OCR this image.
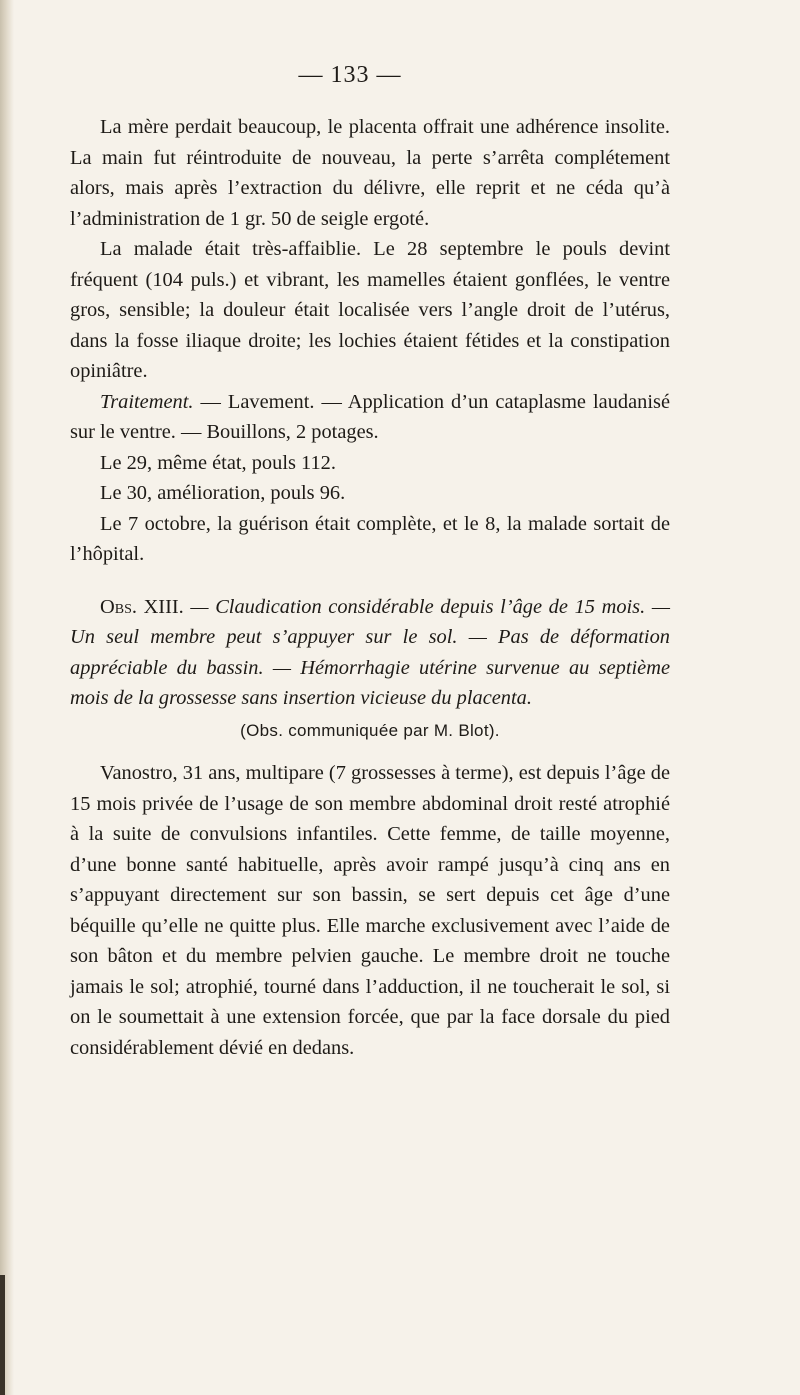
— 133 —

La mère perdait beaucoup, le placenta offrait une adhérence insolite. La main fut réintroduite de nouveau, la perte s’arrêta complétement alors, mais après l’extraction du délivre, elle reprit et ne céda qu’à l’administration de 1 gr. 50 de seigle ergoté.

La malade était très-affaiblie. Le 28 septembre le pouls devint fréquent (104 puls.) et vibrant, les mamelles étaient gonflées, le ventre gros, sensible; la douleur était localisée vers l’angle droit de l’utérus, dans la fosse iliaque droite; les lochies étaient fétides et la constipation opiniâtre.

Traitement. — Lavement. — Application d’un cataplasme laudanisé sur le ventre. — Bouillons, 2 potages.

Le 29, même état, pouls 112.

Le 30, amélioration, pouls 96.

Le 7 octobre, la guérison était complète, et le 8, la malade sortait de l’hôpital.

Obs. XIII. — Claudication considérable depuis l’âge de 15 mois. — Un seul membre peut s’appuyer sur le sol. — Pas de déformation appréciable du bassin. — Hémorrhagie utérine survenue au septième mois de la grossesse sans insertion vicieuse du placenta.

(Obs. communiquée par M. Blot).

Vanostro, 31 ans, multipare (7 grossesses à terme), est depuis l’âge de 15 mois privée de l’usage de son membre abdominal droit resté atrophié à la suite de convulsions infantiles. Cette femme, de taille moyenne, d’une bonne santé habituelle, après avoir rampé jusqu’à cinq ans en s’appuyant directement sur son bassin, se sert depuis cet âge d’une béquille qu’elle ne quitte plus. Elle marche exclusivement avec l’aide de son bâton et du membre pelvien gauche. Le membre droit ne touche jamais le sol; atrophié, tourné dans l’adduction, il ne toucherait le sol, si on le soumettait à une extension forcée, que par la face dorsale du pied considérablement dévié en dedans.
